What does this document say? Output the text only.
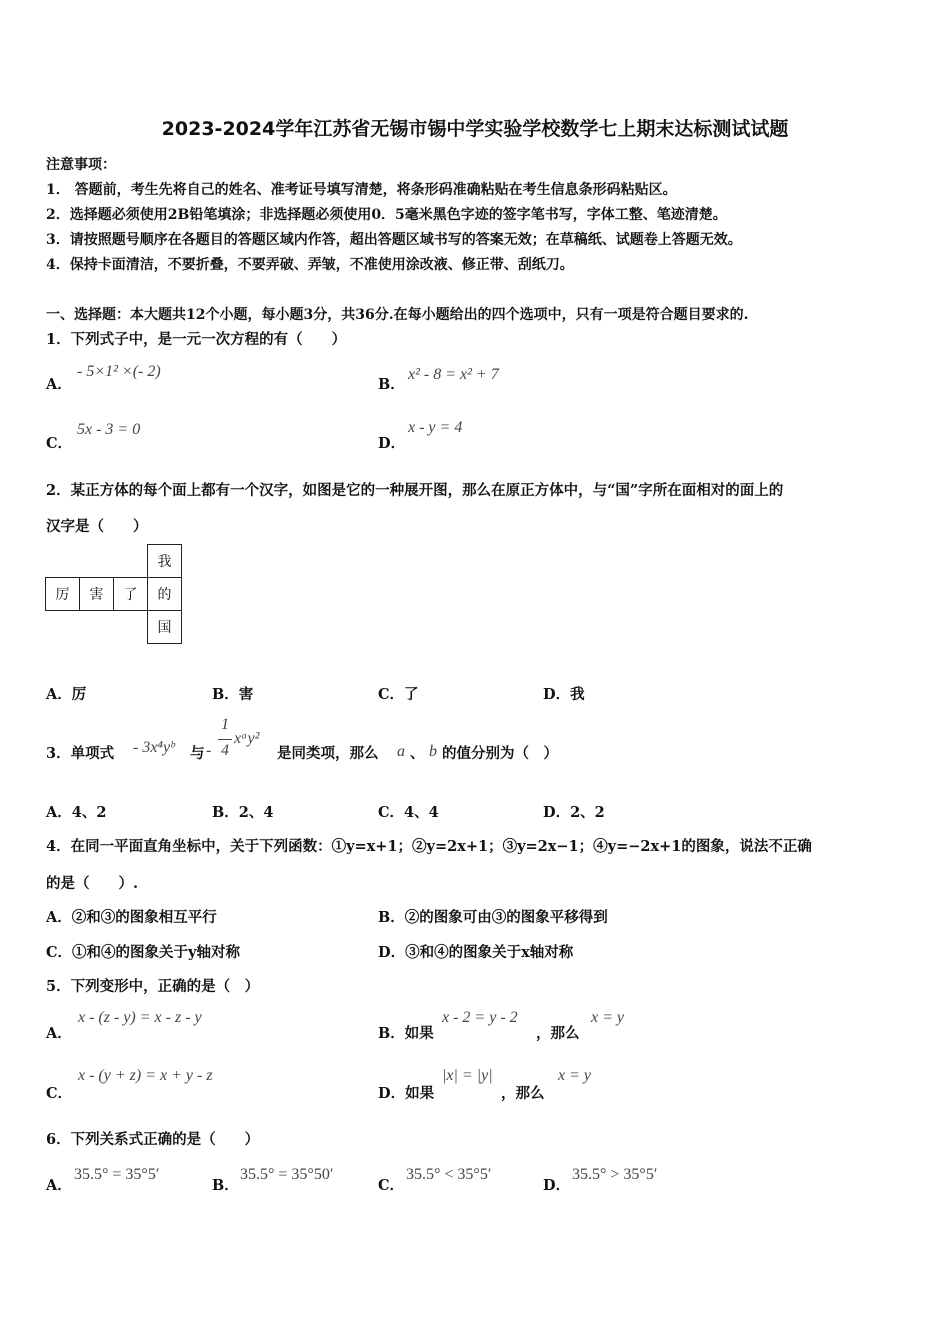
2023-2024学年江苏省无锡市锡中学实验学校数学七上期末达标测试试题
注意事项：
1． 答题前，考生先将自己的姓名、准考证号填写清楚，将条形码准确粘贴在考生信息条形码粘贴区。
2．选择题必须使用2B铅笔填涂；非选择题必须使用0．5毫米黑色字迹的签字笔书写，字体工整、笔迹清楚。
3．请按照题号顺序在各题目的答题区域内作答，超出答题区域书写的答案无效；在草稿纸、试题卷上答题无效。
4．保持卡面清洁，不要折叠，不要弄破、弄皱，不准使用涂改液、修正带、刮纸刀。
一、选择题：本大题共12个小题，每小题3分，共36分.在每小题给出的四个选项中，只有一项是符合题目要求的.
1．下列式子中，是一元一次方程的有（　　）
A．
- 5×1² ×(- 2)
B．
x² - 8 = x² + 7
C．
5x - 3 = 0
D．
x - y = 4
2．某正方体的每个面上都有一个汉字，如图是它的一种展开图，那么在原正方体中，与“国”字所在面相对的面上的
汉字是（　　）
			我
厉	害	了	的
			国
A．厉	B．害	C．了	D．我
3．单项式 - 3x⁴yᵇ 与 -
1
4
xᵃy²
是同类项，那么 a 、 b 的值分别为（　）
A．4、2	B．2、4	C．4、4	D．2、2
4．在同一平面直角坐标中，关于下列函数：①y=x+1；②y=2x+1；③y=2x−1；④y=−2x+1的图象，说法不正确
的是（　　）.
A．②和③的图象相互平行	B．②的图象可由③的图象平移得到
C．①和④的图象关于y轴对称	D．③和④的图象关于x轴对称
5．下列变形中，正确的是（　）
A．
x - (z - y) = x - z - y
B．如果
x - 2 = y - 2
，那么
x = y
C．
x - (y + z) = x + y - z
D．如果
|x| = |y|
，那么
x = y
6．下列关系式正确的是（　　）
A．
35.5° = 35°5′
B．
35.5° = 35°50′
C．
35.5° < 35°5′
D．
35.5° > 35°5′
